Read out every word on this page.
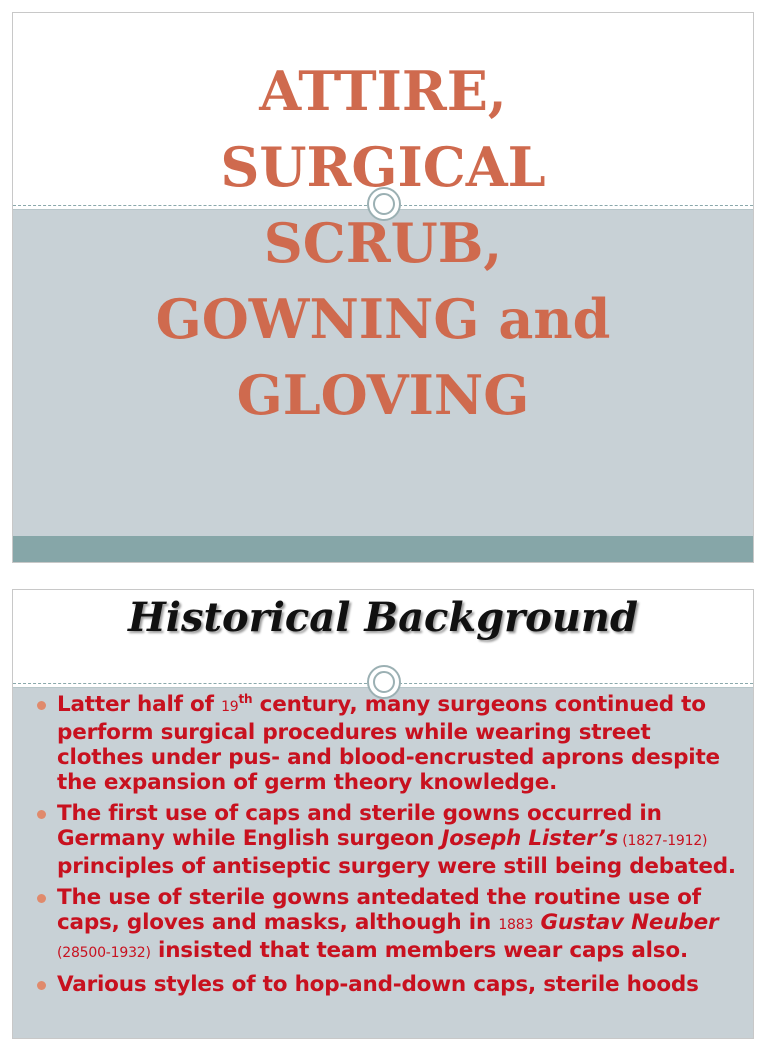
ATTIRE,
SURGICAL
SCRUB,
GOWNING and
GLOVING
Historical Background
Latter half of 19th century, many surgeons continued to perform surgical procedures while wearing street clothes under pus- and blood-encrusted aprons despite the expansion of germ theory knowledge.
The first use of caps and sterile gowns occurred in Germany while English surgeon Joseph Lister’s (1827-1912) principles of antiseptic surgery were still being debated.
The use of sterile gowns antedated the routine use of caps, gloves and masks, although in 1883 Gustav Neuber (28500-1932) insisted that team members wear caps also.
Various styles of to hop-and-down caps, sterile hoods
